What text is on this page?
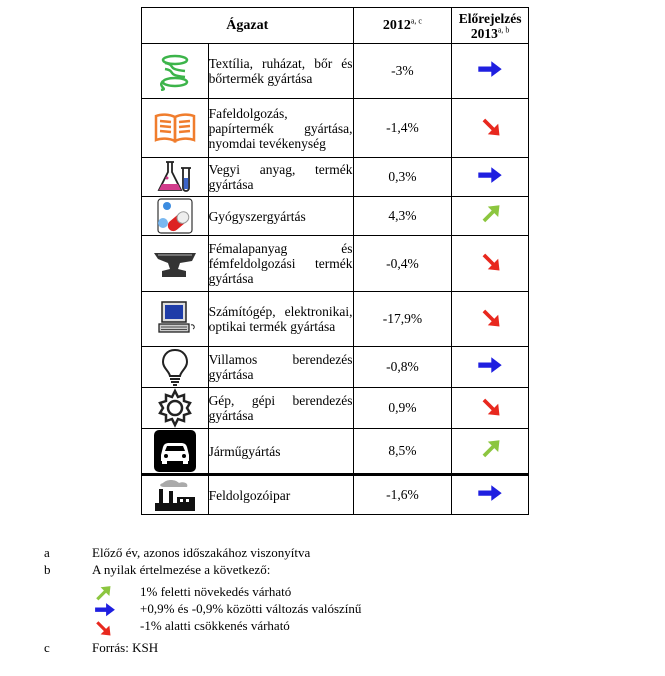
Ágazat		2012$^{a, c}$	Előrejelzés
2013$^{a, b}$

	Textília, ruházat, bőr és bőrtermék gyártása	-3%	

	Fafeldolgozás, papírtermék gyártása, nyomdai tevékenység	-1,4%	

	Vegyi anyag, termék gyártása	0,3%	

	Gyógyszergyártás	4,3%	

	Fémalapanyag és fémfeldolgozási termék gyártása	-0,4%	

	Számítógép, elektronikai, optikai termék gyártása	-17,9%	

	Villamos berendezés gyártása	-0,8%	

	Gép, gépi berendezés gyártása	0,9%	

	Járműgyártás	8,5%	

	Feldolgozóipar	-1,6%	
a	Előző év, azonos időszakához viszonyítva
b	A nyilak értelmezése a következő:
1% feletti növekedés várható
+0,9% és -0,9% közötti változás valószínű
-1% alatti csökkenés várható
c	Forrás: KSH
